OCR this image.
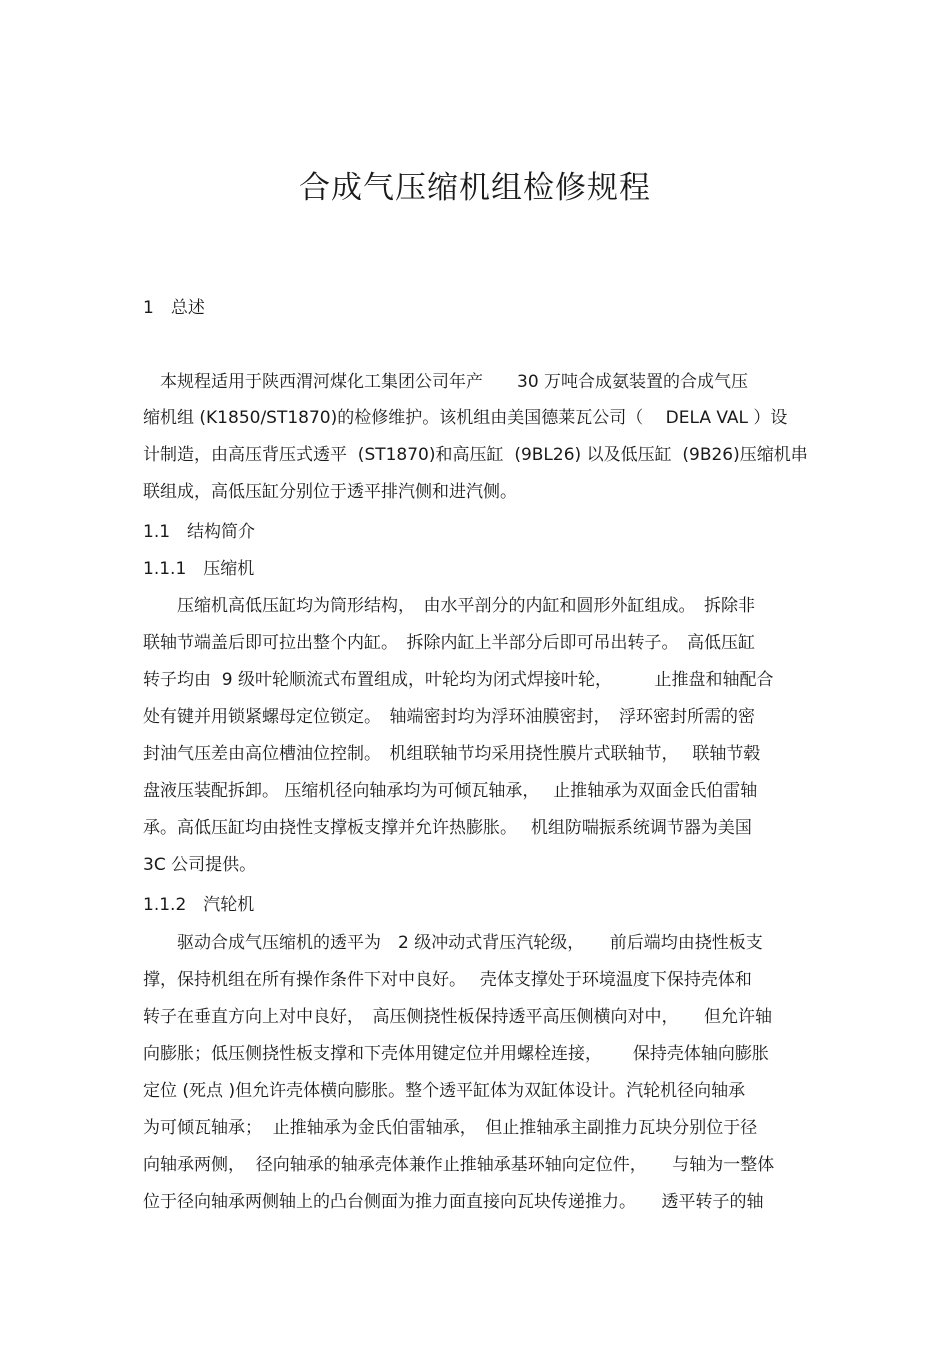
合成气压缩机组检修规程
1　总述
　本规程适用于陕西渭河煤化工集团公司年产　　30 万吨合成氨装置的合成气压
缩机组 (K1850/ST1870)的检修维护。该机组由美国德莱瓦公司（　 DELA VAL ）设
计制造，由高压背压式透平  (ST1870)和高压缸  (9BL26) 以及低压缸  (9B26)压缩机串
联组成，高低压缸分别位于透平排汽侧和进汽侧。
1.1　结构简介
1.1.1　压缩机
　　压缩机高低压缸均为筒形结构，　由水平剖分的内缸和圆形外缸组成。　拆除非
联轴节端盖后即可拉出整个内缸。　拆除内缸上半部分后即可吊出转子。　高低压缸
转子均由  9 级叶轮顺流式布置组成，叶轮均为闭式焊接叶轮，　　　止推盘和轴配合
处有键并用锁紧螺母定位锁定。　轴端密封均为浮环油膜密封，　浮环密封所需的密
封油气压差由高位槽油位控制。　机组联轴节均采用挠性膜片式联轴节，　 联轴节毂
盘液压装配拆卸。 压缩机径向轴承均为可倾瓦轴承，　 止推轴承为双面金氏伯雷轴
承。高低压缸均由挠性支撑板支撑并允许热膨胀。　 机组防喘振系统调节器为美国
3C 公司提供。
1.1.2　汽轮机
　　驱动合成气压缩机的透平为　2 级冲动式背压汽轮级，　　前后端均由挠性板支
撑，保持机组在所有操作条件下对中良好。　 壳体支撑处于环境温度下保持壳体和
转子在垂直方向上对中良好，　高压侧挠性板保持透平高压侧横向对中，　　但允许轴
向膨胀；低压侧挠性板支撑和下壳体用键定位并用螺栓连接，　　 保持壳体轴向膨胀
定位 (死点 )但允许壳体横向膨胀。整个透平缸体为双缸体设计。汽轮机径向轴承
为可倾瓦轴承；  止推轴承为金氏伯雷轴承，　但止推轴承主副推力瓦块分别位于径
向轴承两侧，  径向轴承的轴承壳体兼作止推轴承基环轴向定位件，　　与轴为一整体
位于径向轴承两侧轴上的凸台侧面为推力面直接向瓦块传递推力。　　透平转子的轴
